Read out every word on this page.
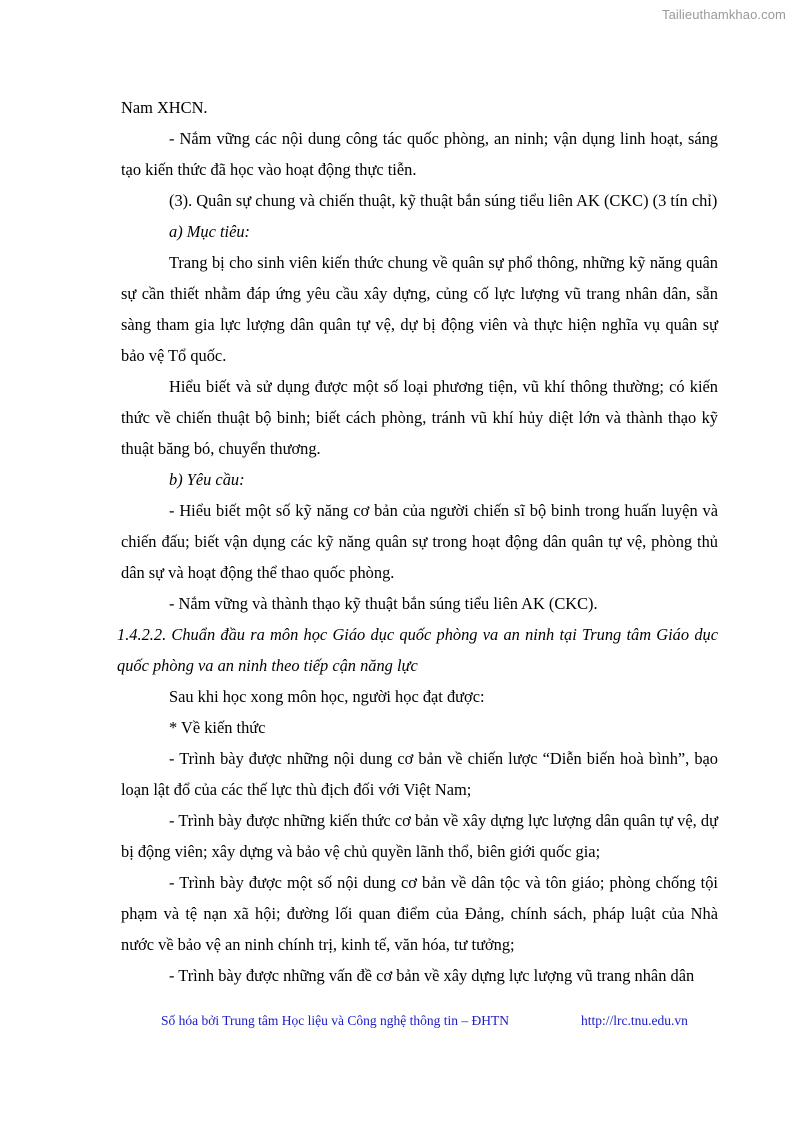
Tailieuthamkhao.com

Nam XHCN.

- Nắm vững các nội dung công tác quốc phòng, an ninh; vận dụng linh hoạt, sáng tạo kiến thức đã học vào hoạt động thực tiễn.

(3). Quân sự chung và chiến thuật, kỹ thuật bắn súng tiểu liên AK (CKC) (3 tín chỉ)

a) Mục tiêu:

Trang bị cho sinh viên kiến thức chung về quân sự phổ thông, những kỹ năng quân sự cần thiết nhằm đáp ứng yêu cầu xây dựng, củng cố lực lượng vũ trang nhân dân, sẵn sàng tham gia lực lượng dân quân tự vệ, dự bị động viên và thực hiện nghĩa vụ quân sự bảo vệ Tổ quốc.

Hiểu biết và sử dụng được một số loại phương tiện, vũ khí thông thường; có kiến thức về chiến thuật bộ binh; biết cách phòng, tránh vũ khí hủy diệt lớn và thành thạo kỹ thuật băng bó, chuyển thương.

b) Yêu cầu:

- Hiểu biết một số kỹ năng cơ bản của người chiến sĩ bộ binh trong huấn luyện và chiến đấu; biết vận dụng các kỹ năng quân sự trong hoạt động dân quân tự vệ, phòng thủ dân sự và hoạt động thể thao quốc phòng.

- Nắm vững và thành thạo kỹ thuật bắn súng tiểu liên AK (CKC).

1.4.2.2. Chuẩn đầu ra môn học Giáo dục quốc phòng va an ninh tại Trung tâm Giáo dục quốc phòng va an ninh theo tiếp cận năng lực

Sau khi học xong môn học, người học đạt được:

* Về kiến thức

- Trình bày được những nội dung cơ bản về chiến lược “Diễn biến hoà bình”, bạo loạn lật đổ của các thế lực thù địch đối với Việt Nam;

- Trình bày được những kiến thức cơ bản về xây dựng lực lượng dân quân tự vệ, dự bị động viên; xây dựng và bảo vệ chủ quyền lãnh thổ, biên giới quốc gia;

- Trình bày được một số nội dung cơ bản về dân tộc và tôn giáo; phòng chống tội phạm và tệ nạn xã hội; đường lối quan điểm của Đảng, chính sách, pháp luật của Nhà nước về bảo vệ an ninh chính trị, kinh tế, văn hóa, tư tưởng;

- Trình bày được những vấn đề cơ bản về xây dựng lực lượng vũ trang nhân dân

Số hóa bởi Trung tâm Học liệu và Công nghệ thông tin – ĐHTN	http://lrc.tnu.edu.vn
